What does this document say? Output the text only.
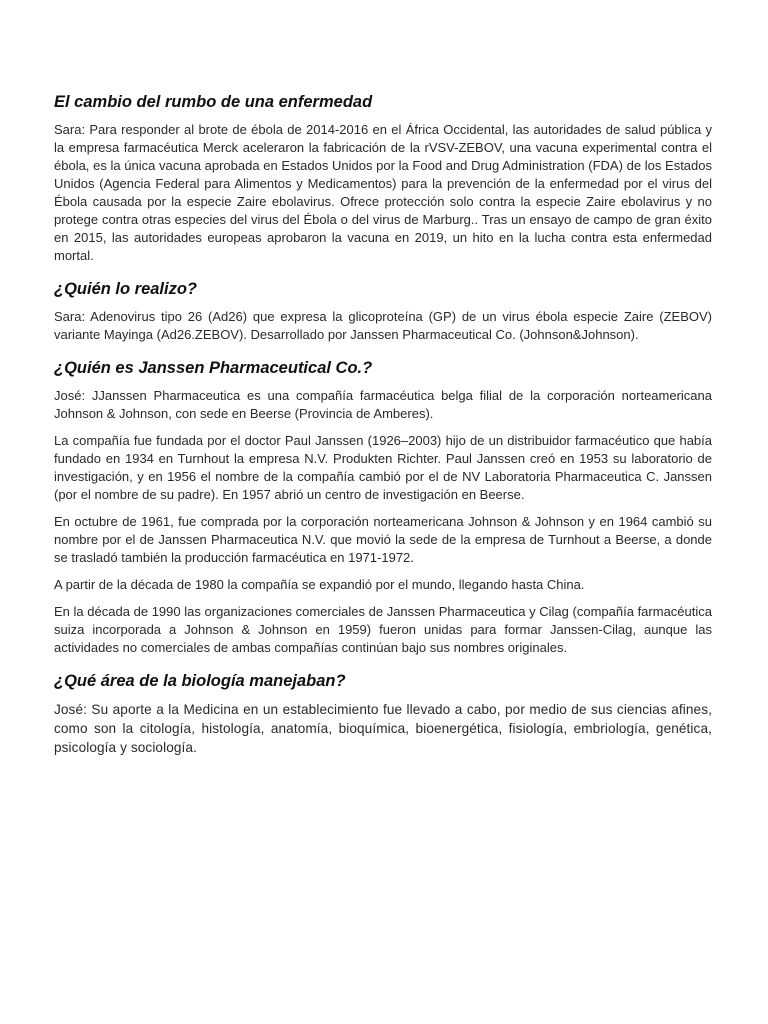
El cambio del rumbo de una enfermedad

Sara: Para responder al brote de ébola de 2014-2016 en el África Occidental, las autoridades de salud pública y la empresa farmacéutica Merck aceleraron la fabricación de la rVSV-ZEBOV, una vacuna experimental contra el ébola, es la única vacuna aprobada en Estados Unidos por la Food and Drug Administration (FDA) de los Estados Unidos (Agencia Federal para Alimentos y Medicamentos) para la prevención de la enfermedad por el virus del Ébola causada por la especie Zaire ebolavirus. Ofrece protección solo contra la especie Zaire ebolavirus y no protege contra otras especies del virus del Ébola o del virus de Marburg.. Tras un ensayo de campo de gran éxito en 2015, las autoridades europeas aprobaron la vacuna en 2019, un hito en la lucha contra esta enfermedad mortal.

¿Quién lo realizo?

Sara: Adenovirus tipo 26 (Ad26) que expresa la glicoproteína (GP) de un virus ébola especie Zaire (ZEBOV) variante Mayinga (Ad26.ZEBOV). Desarrollado por Janssen Pharmaceutical Co. (Johnson&Johnson).

¿Quién es Janssen Pharmaceutical Co.?

José: JJanssen Pharmaceutica es una compañía farmacéutica belga filial de la corporación norteamericana Johnson & Johnson, con sede en Beerse (Provincia de Amberes).

La compañía fue fundada por el doctor Paul Janssen (1926–2003) hijo de un distribuidor farmacéutico que había fundado en 1934 en Turnhout la empresa N.V. Produkten Richter. Paul Janssen creó en 1953 su laboratorio de investigación, y en 1956 el nombre de la compañía cambió por el de NV Laboratoria Pharmaceutica C. Janssen (por el nombre de su padre). En 1957 abrió un centro de investigación en Beerse.

En octubre de 1961, fue comprada por la corporación norteamericana Johnson & Johnson y en 1964 cambió su nombre por el de Janssen Pharmaceutica N.V. que movió la sede de la empresa de Turnhout a Beerse, a donde se trasladó también la producción farmacéutica en 1971-1972.

A partir de la década de 1980 la compañía se expandió por el mundo, llegando hasta China.

En la década de 1990 las organizaciones comerciales de Janssen Pharmaceutica y Cilag (compañía farmacéutica suiza incorporada a Johnson & Johnson en 1959) fueron unidas para formar Janssen-Cilag, aunque las actividades no comerciales de ambas compañías continúan bajo sus nombres originales.

¿Qué área de la biología manejaban?

José: Su aporte a la Medicina en un establecimiento fue llevado a cabo, por medio de sus ciencias afines, como son la citología, histología, anatomía, bioquímica, bioenergética, fisiología, embriología, genética, psicología y sociología.
